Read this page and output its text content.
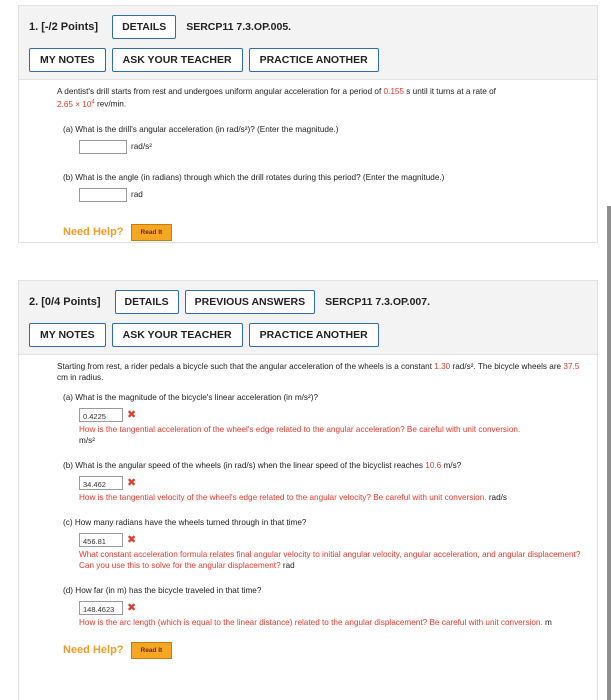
1. [-/2 Points]	DETAILS	SERCP11 7.3.OP.005.
MY NOTES	ASK YOUR TEACHER	PRACTICE ANOTHER

A dentist's drill starts from rest and undergoes uniform angular acceleration for a period of 0.155 s until it turns at a rate of
$2.65 \times 10^4$ rev/min.

(a) What is the drill's angular acceleration (in rad/s²)? (Enter the magnitude.)
rad/s²
(b) What is the angle (in radians) through which the drill rotates during this period? (Enter the magnitude.)
rad
Need Help?	Read It
2. [0/4 Points]	DETAILS	PREVIOUS ANSWERS	SERCP11 7.3.OP.007.
MY NOTES	ASK YOUR TEACHER	PRACTICE ANOTHER

Starting from rest, a rider pedals a bicycle such that the angular acceleration of the wheels is a constant 1.30 rad/s². The bicycle wheels are 37.5 cm in radius.

(a) What is the magnitude of the bicycle's linear acceleration (in m/s²)?
0.4225	✖
How is the tangential acceleration of the wheel's edge related to the angular acceleration? Be careful with unit conversion.
m/s²
(b) What is the angular speed of the wheels (in rad/s) when the linear speed of the bicyclist reaches 10.6 m/s?
34.462	✖
How is the tangential velocity of the wheel's edge related to the angular velocity? Be careful with unit conversion. rad/s
(c) How many radians have the wheels turned through in that time?
456.81	✖
What constant acceleration formula relates final angular velocity to initial angular velocity, angular acceleration, and angular displacement? Can you use this to solve for the angular displacement? rad
(d) How far (in m) has the bicycle traveled in that time?
148.4623	✖
How is the arc length (which is equal to the linear distance) related to the angular displacement? Be careful with unit conversion. m
Need Help?	Read It
